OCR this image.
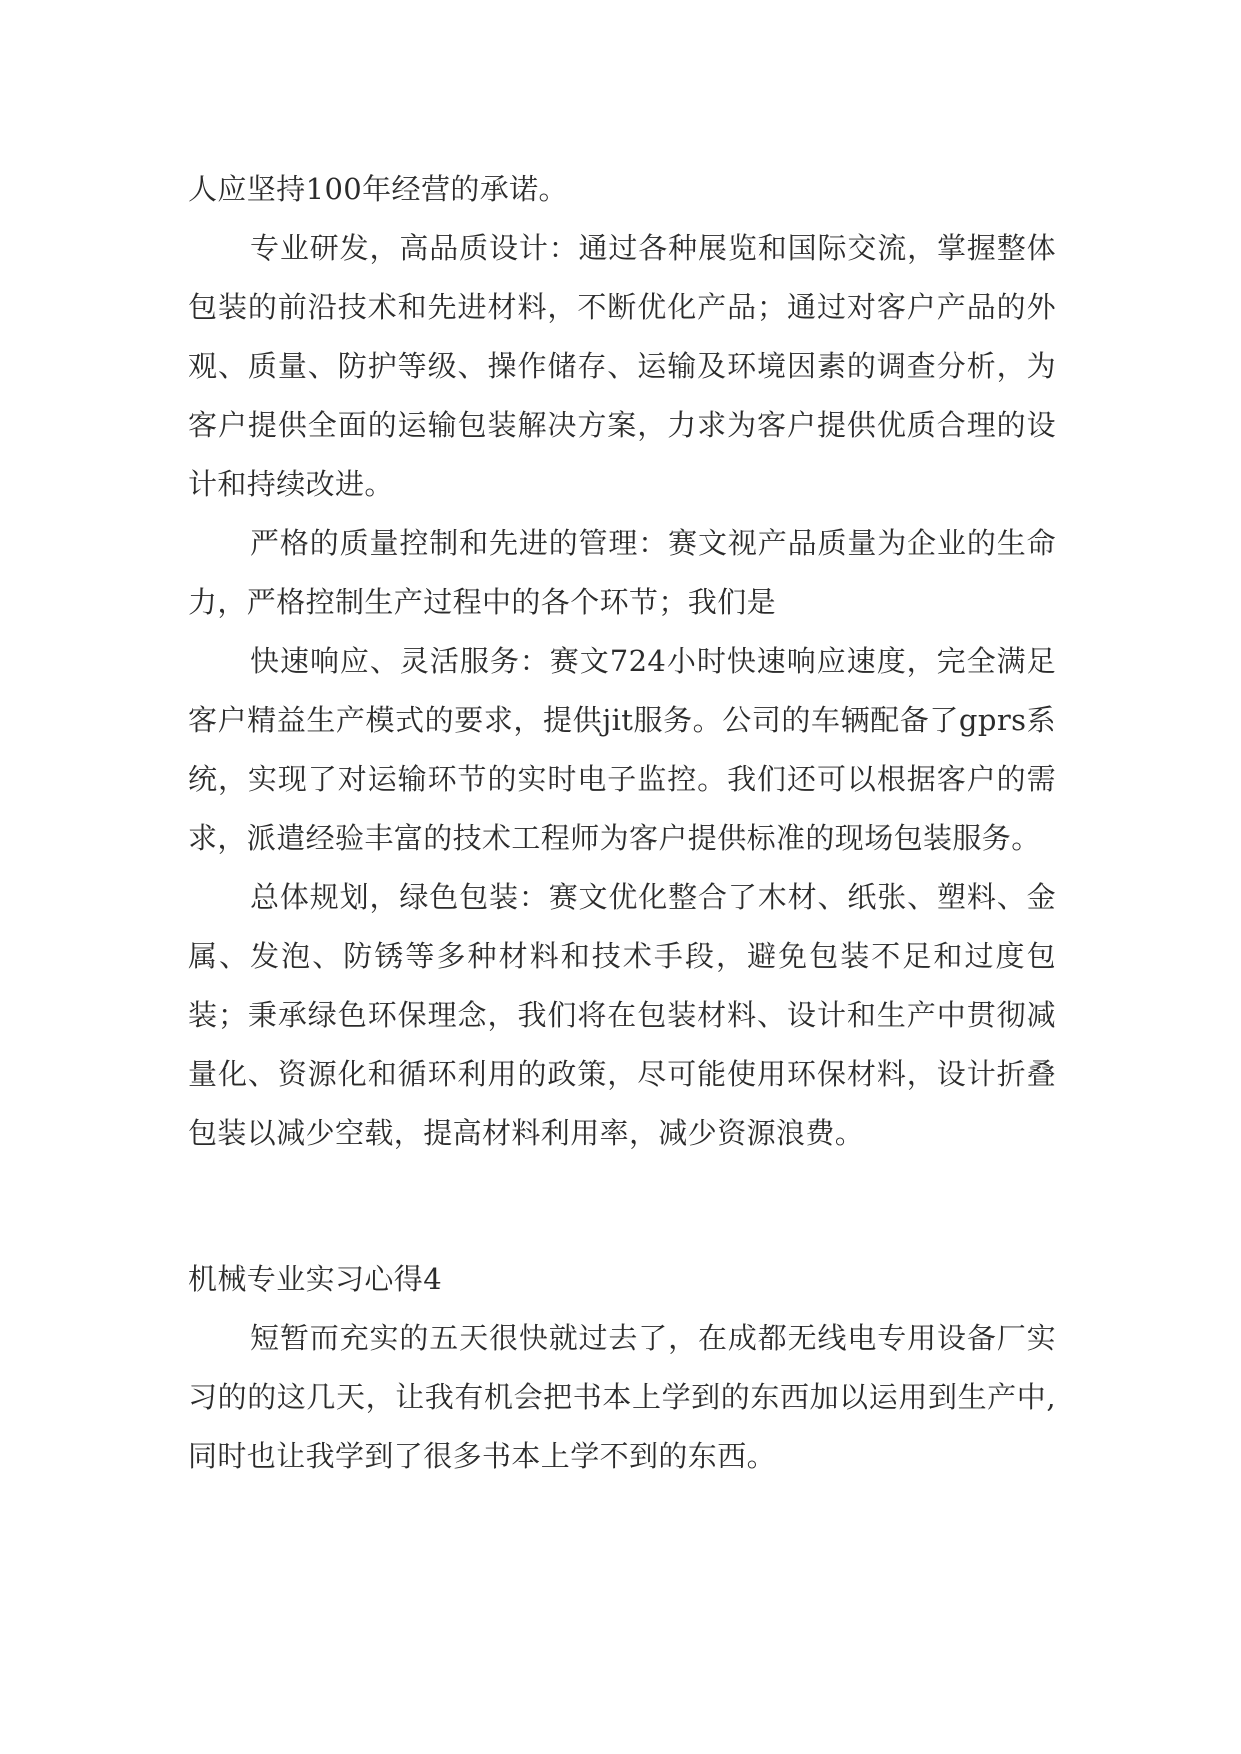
人应坚持100年经营的承诺。

专业研发，高品质设计：通过各种展览和国际交流，掌握整体包装的前沿技术和先进材料，不断优化产品；通过对客户产品的外观、质量、防护等级、操作储存、运输及环境因素的调查分析，为客户提供全面的运输包装解决方案，力求为客户提供优质合理的设计和持续改进。

严格的质量控制和先进的管理：赛文视产品质量为企业的生命力，严格控制生产过程中的各个环节；我们是

快速响应、灵活服务：赛文724小时快速响应速度，完全满足客户精益生产模式的要求，提供jit服务。公司的车辆配备了gprs系统，实现了对运输环节的实时电子监控。我们还可以根据客户的需求，派遣经验丰富的技术工程师为客户提供标准的现场包装服务。

总体规划，绿色包装：赛文优化整合了木材、纸张、塑料、金属、发泡、防锈等多种材料和技术手段，避免包装不足和过度包装；秉承绿色环保理念，我们将在包装材料、设计和生产中贯彻减量化、资源化和循环利用的政策，尽可能使用环保材料，设计折叠包装以减少空载，提高材料利用率，减少资源浪费。

机械专业实习心得4

短暂而充实的五天很快就过去了，在成都无线电专用设备厂实习的的这几天，让我有机会把书本上学到的东西加以运用到生产中,同时也让我学到了很多书本上学不到的东西。
